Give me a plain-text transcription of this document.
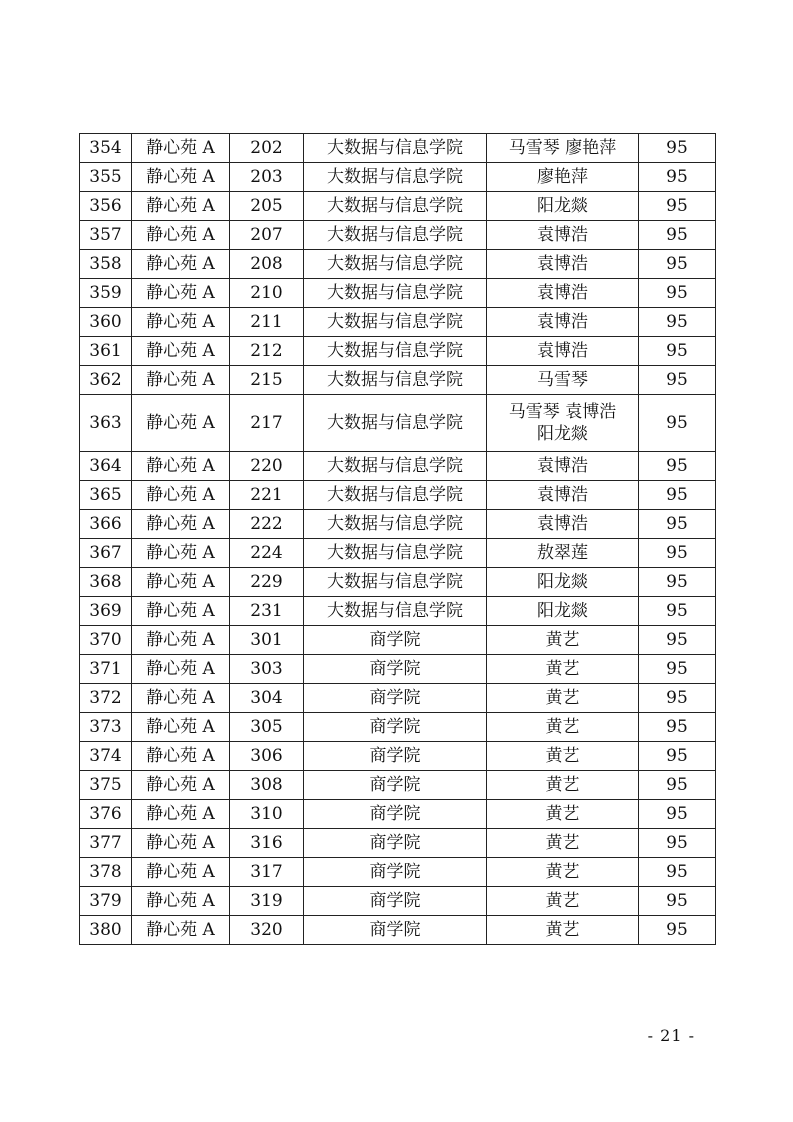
354	静心苑 A	202	大数据与信息学院	马雪琴 廖艳萍	95
355	静心苑 A	203	大数据与信息学院	廖艳萍	95
356	静心苑 A	205	大数据与信息学院	阳龙燚	95
357	静心苑 A	207	大数据与信息学院	袁博浩	95
358	静心苑 A	208	大数据与信息学院	袁博浩	95
359	静心苑 A	210	大数据与信息学院	袁博浩	95
360	静心苑 A	211	大数据与信息学院	袁博浩	95
361	静心苑 A	212	大数据与信息学院	袁博浩	95
362	静心苑 A	215	大数据与信息学院	马雪琴	95
363	静心苑 A	217	大数据与信息学院	马雪琴 袁博浩
阳龙燚	95
364	静心苑 A	220	大数据与信息学院	袁博浩	95
365	静心苑 A	221	大数据与信息学院	袁博浩	95
366	静心苑 A	222	大数据与信息学院	袁博浩	95
367	静心苑 A	224	大数据与信息学院	敖翠莲	95
368	静心苑 A	229	大数据与信息学院	阳龙燚	95
369	静心苑 A	231	大数据与信息学院	阳龙燚	95
370	静心苑 A	301	商学院	黄艺	95
371	静心苑 A	303	商学院	黄艺	95
372	静心苑 A	304	商学院	黄艺	95
373	静心苑 A	305	商学院	黄艺	95
374	静心苑 A	306	商学院	黄艺	95
375	静心苑 A	308	商学院	黄艺	95
376	静心苑 A	310	商学院	黄艺	95
377	静心苑 A	316	商学院	黄艺	95
378	静心苑 A	317	商学院	黄艺	95
379	静心苑 A	319	商学院	黄艺	95
380	静心苑 A	320	商学院	黄艺	95
- 21 -
